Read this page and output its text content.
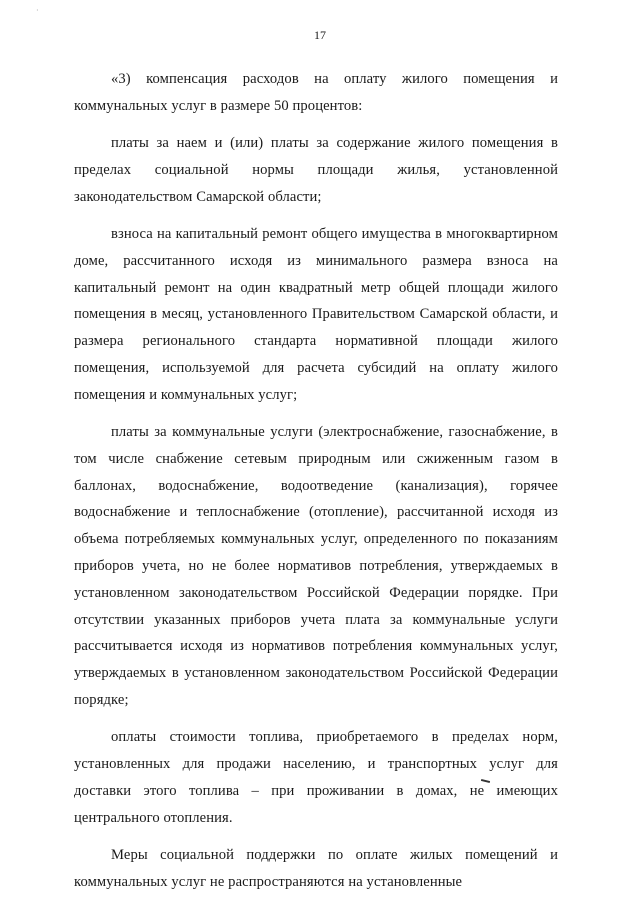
·
17

«3) компенсация расходов на оплату жилого помещения и коммунальных услуг в размере 50 процентов:

платы за наем и (или) платы за содержание жилого помещения в пределах социальной нормы площади жилья, установленной законодательством Самарской области;

взноса на капитальный ремонт общего имущества в многоквартирном доме, рассчитанного исходя из минимального размера взноса на капитальный ремонт на один квадратный метр общей площади жилого помещения в месяц, установленного Правительством Самарской области, и размера регионального стандарта нормативной площади жилого помещения, используемой для расчета субсидий на оплату жилого помещения и коммунальных услуг;

платы за коммунальные услуги (электроснабжение, газоснабжение, в том числе снабжение сетевым природным или сжиженным газом в баллонах, водоснабжение, водоотведение (канализация), горячее водоснабжение и теплоснабжение (отопление), рассчитанной исходя из объема потребляемых коммунальных услуг, определенного по показаниям приборов учета, но не более нормативов потребления, утверждаемых в установленном законодательством Российской Федерации порядке. При отсутствии указанных приборов учета плата за коммунальные услуги рассчитывается исходя из нормативов потребления коммунальных услуг, утверждаемых в установленном законодательством Российской Федерации порядке;

оплаты стоимости топлива, приобретаемого в пределах норм, установленных для продажи населению, и транспортных услуг для доставки этого топлива – при проживании в домах, не имеющих центрального отопления.

Меры социальной поддержки по оплате жилых помещений и коммунальных услуг не распространяются на установленные
